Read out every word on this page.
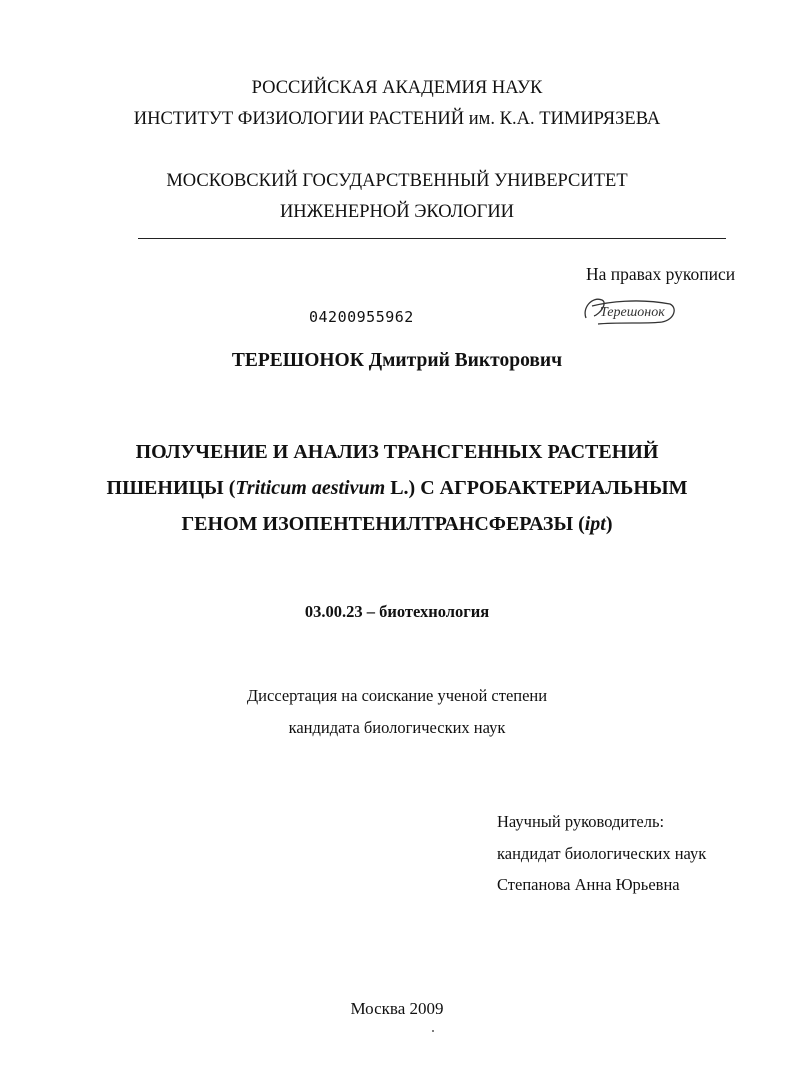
РОССИЙСКАЯ АКАДЕМИЯ НАУК
ИНСТИТУТ ФИЗИОЛОГИИ РАСТЕНИЙ им. К.А. ТИМИРЯЗЕВА
МОСКОВСКИЙ ГОСУДАРСТВЕННЫЙ УНИВЕРСИТЕТ
ИНЖЕНЕРНОЙ ЭКОЛОГИИ
На правах рукописи
Терешонок
04200955962
ТЕРЕШОНОК Дмитрий Викторович
ПОЛУЧЕНИЕ И АНАЛИЗ ТРАНСГЕННЫХ РАСТЕНИЙ
ПШЕНИЦЫ (Triticum aestivum L.) С АГРОБАКТЕРИАЛЬНЫМ
ГЕНОМ ИЗОПЕНТЕНИЛТРАНСФЕРАЗЫ (ipt)
03.00.23 – биотехнология
Диссертация на соискание ученой степени
кандидата биологических наук
Научный руководитель:
кандидат биологических наук
Степанова Анна Юрьевна
Москва 2009
